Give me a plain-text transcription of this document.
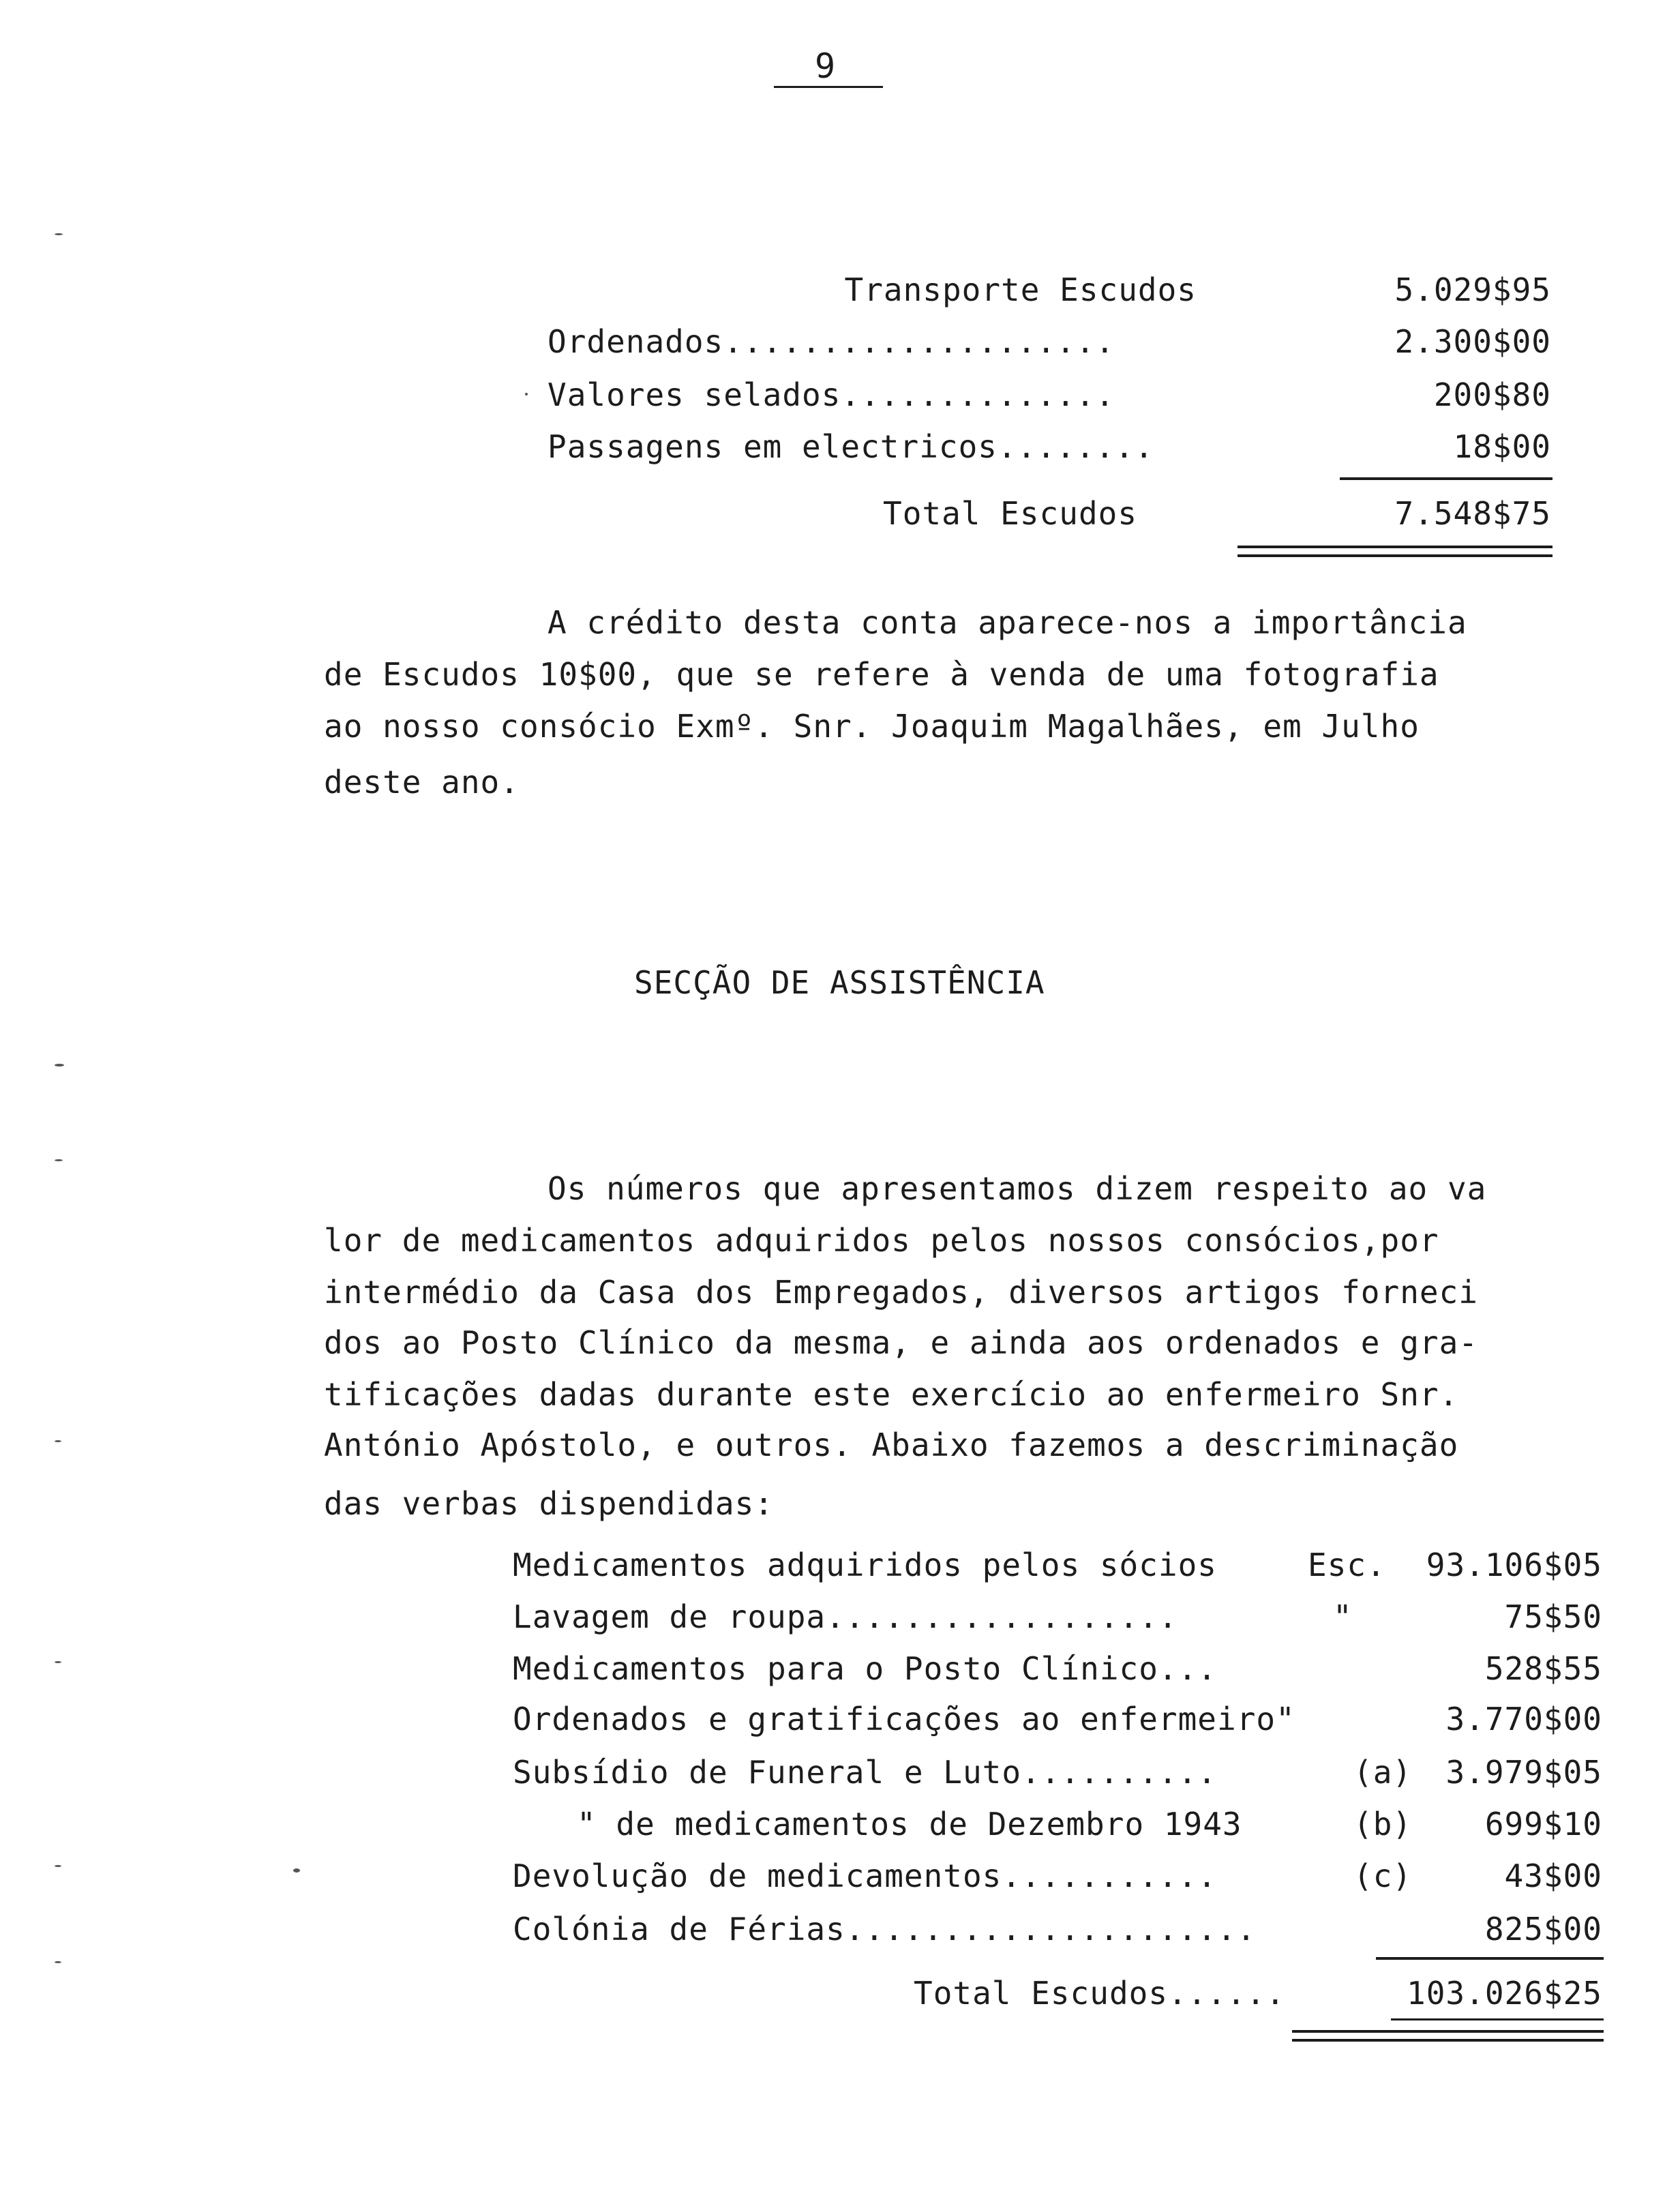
9
Transporte Escudos	5.029$95
Ordenados....................	2.300$00
Valores selados..............	200$80
Passagens em electricos........	18$00
Total Escudos	7.548$75
A crédito desta conta aparece-nos a importância
de Escudos 10$00, que se refere à venda de uma fotografia
ao nosso consócio Exmº. Snr. Joaquim Magalhães, em Julho
deste ano.
SECÇÃO DE ASSISTÊNCIA
Os números que apresentamos dizem respeito ao va
lor de medicamentos adquiridos pelos nossos consócios,por
intermédio da Casa dos Empregados, diversos artigos forneci
dos ao Posto Clínico da mesma, e ainda aos ordenados e gra-
tificações dadas durante este exercício ao enfermeiro Snr.
António Apóstolo, e outros. Abaixo fazemos a descriminação
das verbas dispendidas:
Medicamentos adquiridos pelos sócios	Esc.	93.106$05
Lavagem de roupa..................	"	75$50
Medicamentos para o Posto Clínico...	528$55
Ordenados e gratificações ao enfermeiro"	3.770$00
Subsídio de Funeral e Luto..........	(a)	3.979$05
" de medicamentos de Dezembro 1943	(b)	699$10
Devolução de medicamentos...........	(c)	43$00
Colónia de Férias.....................	825$00
Total Escudos......	103.026$25
